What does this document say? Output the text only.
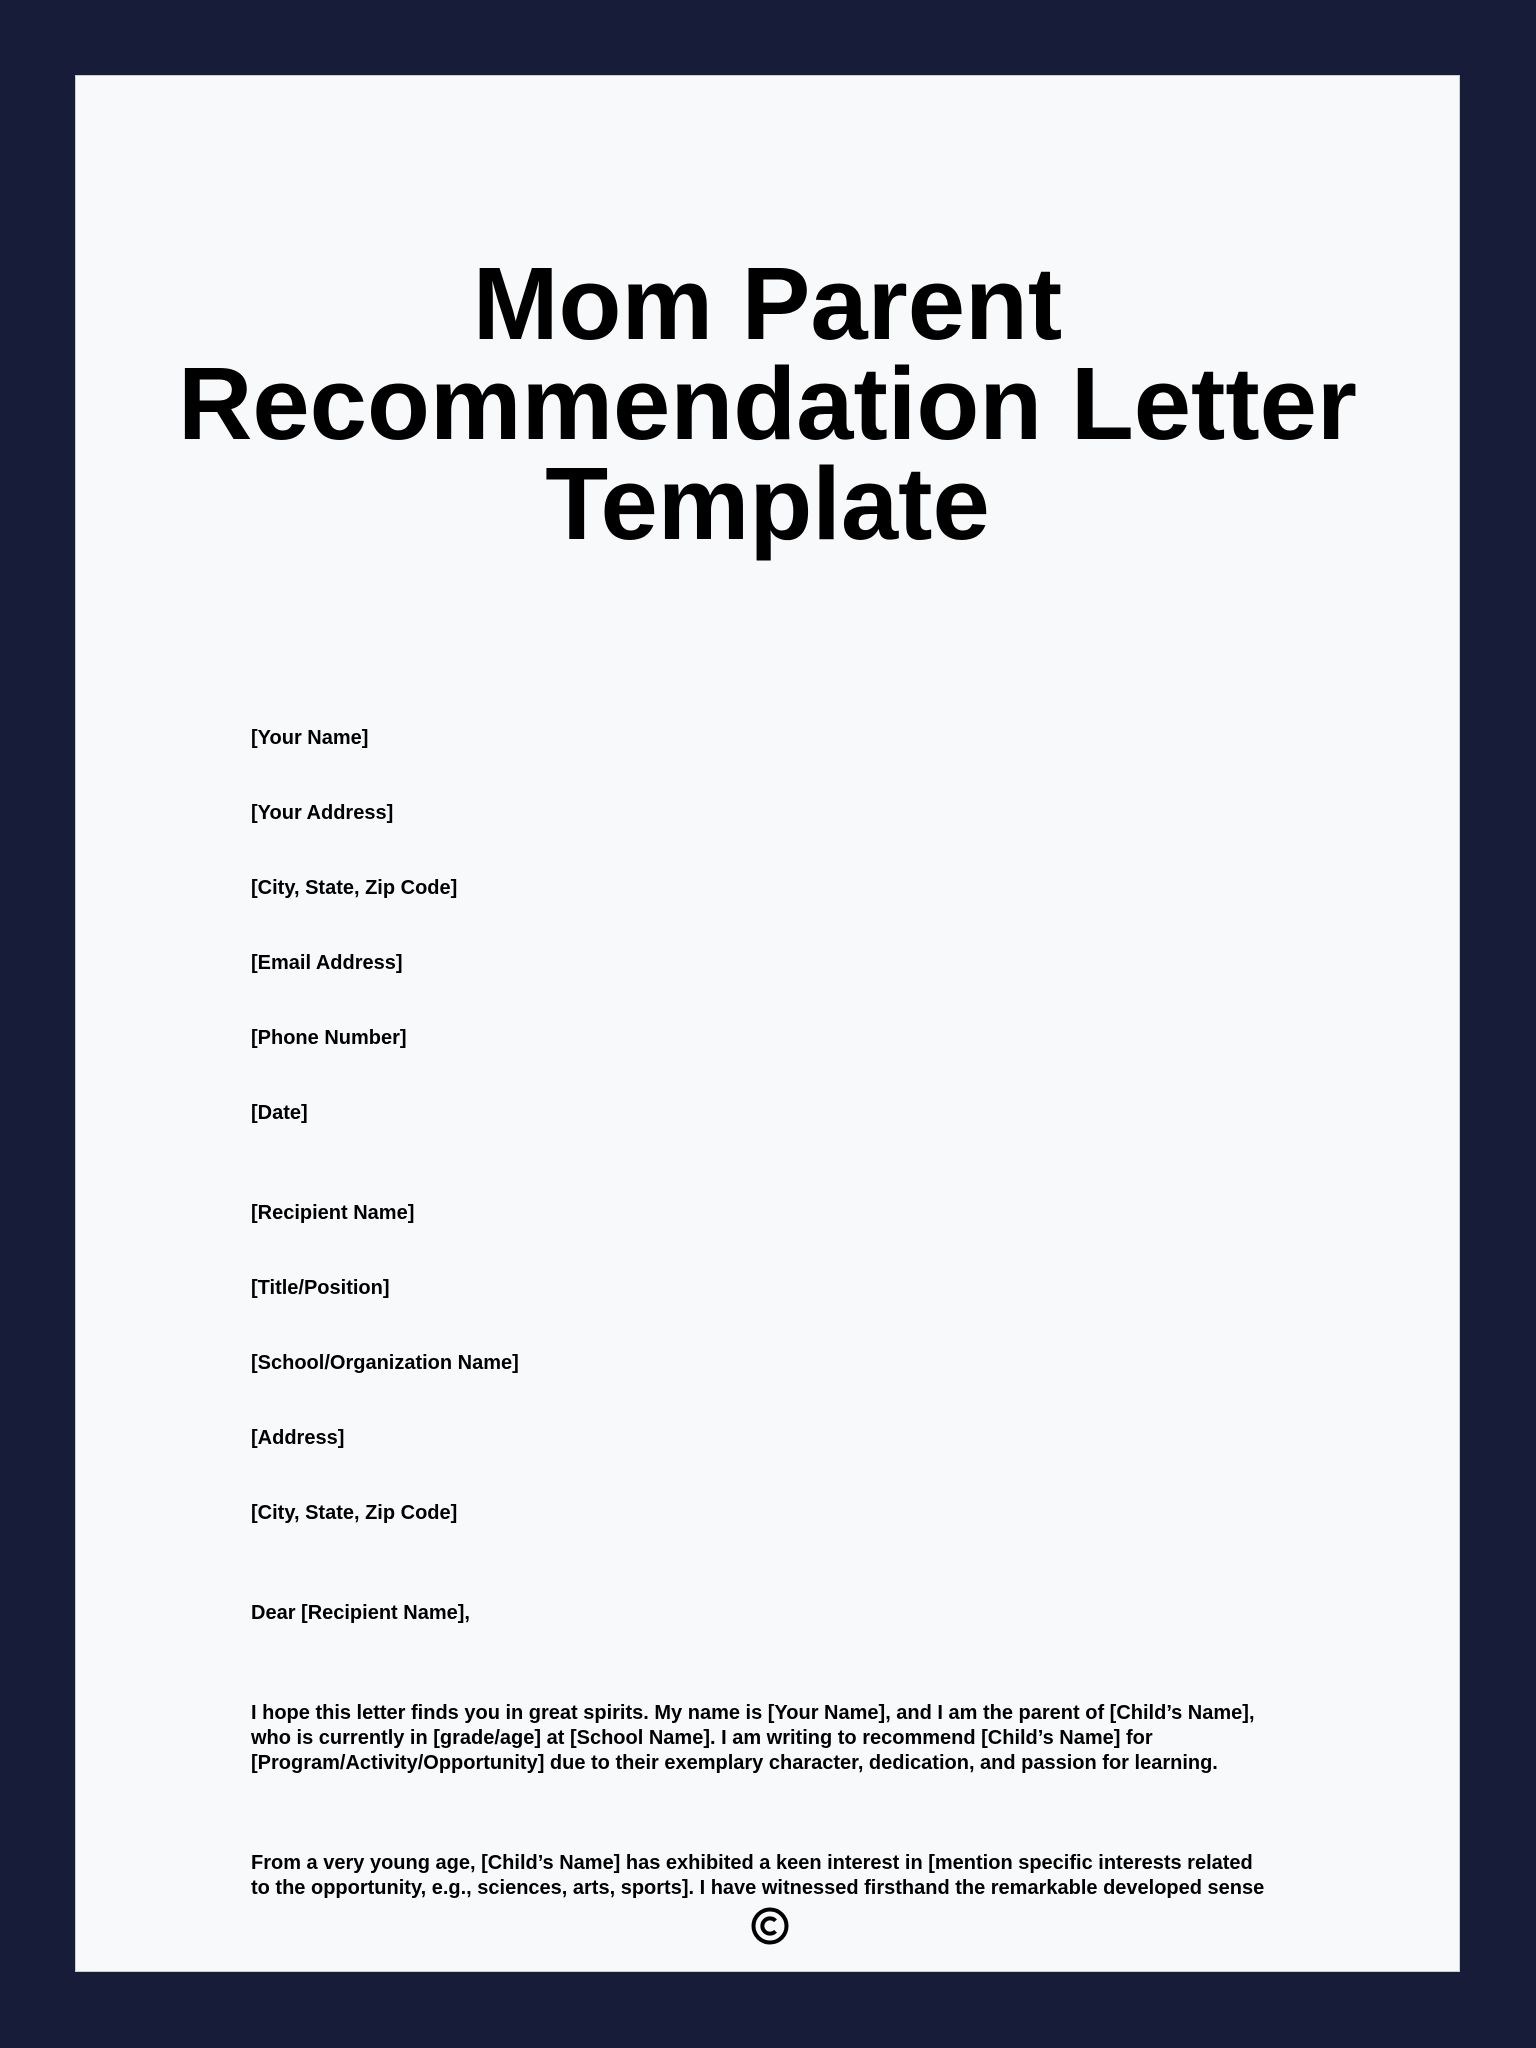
Mom Parent
Recommendation Letter
Template
[Your Name]
[Your Address]
[City, State, Zip Code]
[Email Address]
[Phone Number]
[Date]
[Recipient Name]
[Title/Position]
[School/Organization Name]
[Address]
[City, State, Zip Code]
Dear [Recipient Name],
I hope this letter finds you in great spirits. My name is [Your Name], and I am the parent of [Child’s Name],
who is currently in [grade/age] at [School Name]. I am writing to recommend [Child’s Name] for
[Program/Activity/Opportunity] due to their exemplary character, dedication, and passion for learning.
From a very young age, [Child’s Name] has exhibited a keen interest in [mention specific interests related
to the opportunity, e.g., sciences, arts, sports]. I have witnessed firsthand the remarkable developed sense
